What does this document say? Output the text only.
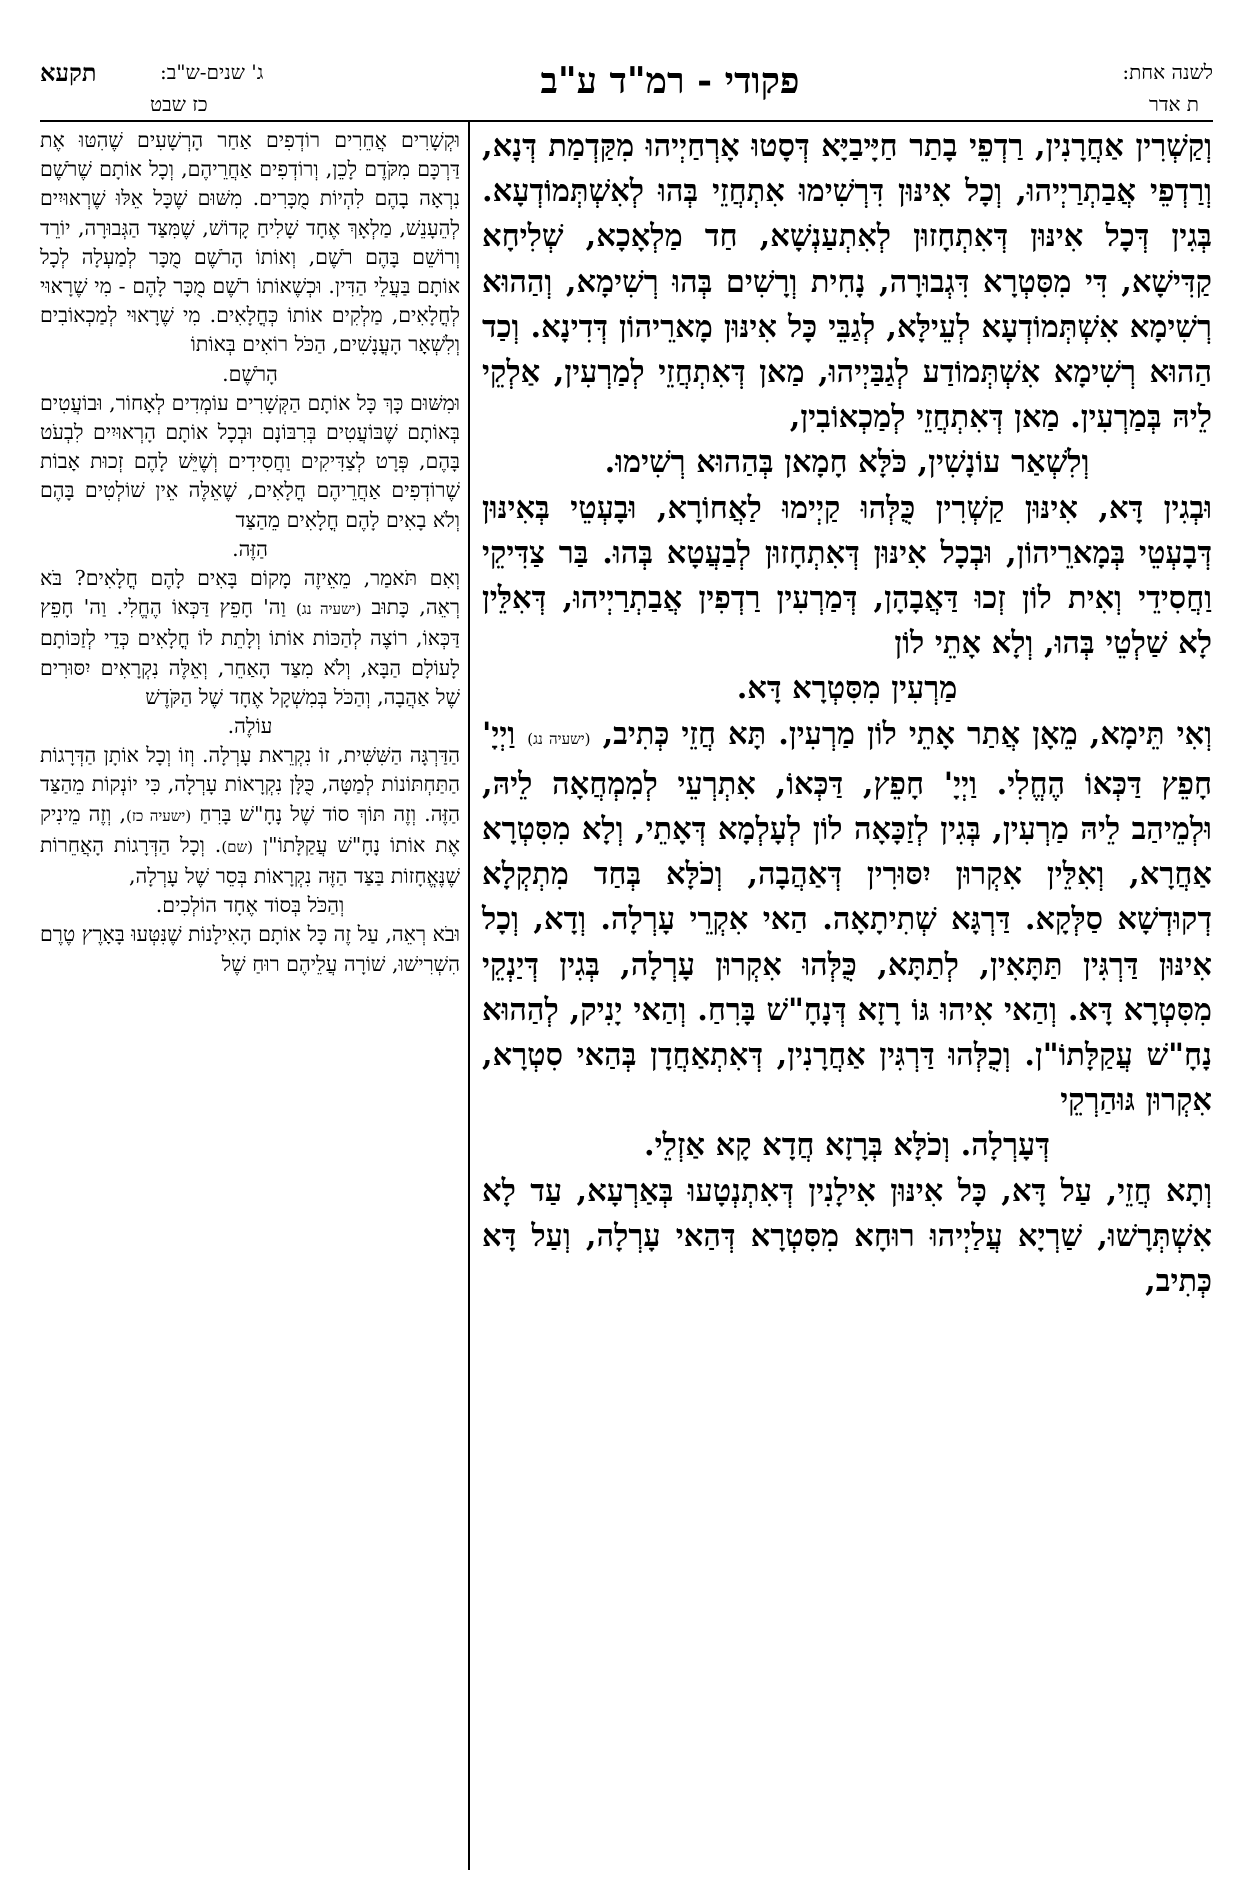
תקעא	ג' שנים-ש"ב:
כז שבט
פקודי - רמ"ד ע"ב	לשנה אחת:
ת אדר

וְקַשְׁרִין אַחֲרָנִין, רַדְפֵי בָתַר חַיָּיבַיָּא דְּסָטוּ אָרְחַיְיהוּ מִקַּדְמַת דְּנָא, וְרַדְפֵי אֲבַתְרַיְיהוּ, וְכָל אִינּוּן דִּרְשִׁימוּ אִתְחֲזֵי בְּהוּ לְאִשְׁתְּמוֹדְעָא. בְּגִין דְּכָל אִינּוּן דְּאִתְחָזוּן לְאִתְעַנְשָׁא, חַד מַלְאָכָא, שְׁלִיחָא קַדִּישָׁא, דִּי מִסִּטְרָא דִּגְבוּרָה, נָחִית וְרָשִׁים בְּהוּ רְשִׁימָא, וְהַהוּא רְשִׁימָא אִשְׁתְּמוֹדְעָא לְעֵילָּא, לְגַבֵּי כָּל אִינּוּן מָארֵיהוֹן דְּדִינָא. וְכַד הַהוּא רְשִׁימָא אִשְׁתְּמוֹדַע לְגַבַּיְיהוּ, מַאן דְּאִתְחֲזֵי לְמַרְעִין, אַלְקֵי לֵיהּ בְּמַרְעִין. מַאן דְּאִתְחֲזֵי לְמַכְאוֹבִין,

וְלִשְׁאַר עוֹנָשִׁין, כֹּלָּא חָמָאן בְּהַהוּא רְשִׁימוּ.

וּבְגִין דָּא, אִינּוּן קַשְׁרִין כֻּלְּהוּ קַיְימוּ לַאֲחוֹרָא, וּבָעְטֵי בְּאִינּוּן דְּבָעְטֵי בְּמָארֵיהוֹן, וּבְכָל אִינּוּן דְּאִתְחָזוּן לְבַעֲטָא בְּהוּ. בַּר צַדִּיקֵי וַחֲסִידֵי וְאִית לוֹן זְכוּ דַּאֲבָהָן, דְּמַרְעִין רַדְפִין אֲבַתְרַיְיהוּ, דְּאִלֵּין לָא שַׁלְטֵי בְּהוּ, וְלָא אָתֵי לוֹן

מַרְעִין מִסִּטְרָא דָּא.

וְאִי תֵּימָא, מֵאָן אֲתַר אָתֵי לוֹן מַרְעִין. תָּא חֲזֵי כְּתִיב, (ישעיה נג) וַיְיָ' חָפֵץ דַּכְּאוֹ הֶחֱלִי. וַיְיָ' חָפֵץ, דַּכְּאוֹ, אִתְרְעֵי לְמִמְחֲאָה לֵיהּ, וּלְמֵיהַב לֵיהּ מַרְעִין, בְּגִין לְזַכָּאָה לוֹן לְעָלְמָא דְּאָתֵי, וְלָא מִסִּטְרָא אַחֲרָא, וְאִלֵּין אִקְרוּן יִסּוּרִין דְּאַהֲבָה, וְכֹלָּא בְּחַד מִתְקְלָא דְקוּדְשָׁא סַלְּקָא. דַּרְגָּא שְׁתִיתָאָה. הַאי אִקְרֵי עָרְלָה. וְדָא, וְכָל אִינּוּן דַּרְגִּין תַּתָּאִין, לְתַתָּא, כֻּלְּהוּ אִקְרוּן עָרְלָה, בְּגִין דְּיַנְקֵי מִסִּטְרָא דָּא. וְהַאי אִיהוּ גּוֹ רָזָא דְּנָחָ"שׁ בָּרִחַ. וְהַאי יָנִיק, לְהַהוּא נָחָ"שׁ עֲקַלָּתוֹ"ן. וְכֻלְּהוּ דַּרְגִּין אַחֲרָנִין, דְּאִתְאַחֲדָן בְּהַאי סִטְרָא, אִקְרוּן גּוּהַרְקֵי

דְּעָרְלָה. וְכֹלָּא בְּרָזָא חֲדָא קָא אַזְלֵי.

וְתָא חֲזֵי, עַל דָּא, כָּל אִינּוּן אִילָנִין דְּאִתְנְטָעוּ בְּאַרְעָא, עַד לָא אִשְׁתְּרָשׁוּ, שַׁרְיָא עֲלַיְיהוּ רוּחָא מִסִּטְרָא דְּהַאי עָרְלָה, וְעַל דָּא כְּתִיב,

וּקְשָׁרִים אֲחֵרִים רוֹדְפִים אַחַר הָרְשָׁעִים שֶׁהִטּוּ אֶת דַּרְכָּם מִקֹּדֶם לָכֵן, וְרוֹדְפִים אַחֲרֵיהֶם, וְכָל אוֹתָם שֶׁרֹשֶׁם נִרְאָה בָהֶם לִהְיוֹת מֻכָּרִים. מִשּׁוּם שֶׁכָּל אֵלּוּ שֶׁרְאוּיִים לְהֵעָנֵשׁ, מַלְאָךְ אֶחָד שָׁלִיחַ קָדוֹשׁ, שֶׁמִּצַּד הַגְּבוּרָה, יוֹרֵד וְרוֹשֵׁם בָּהֶם רֹשֶׁם, וְאוֹתוֹ הָרֹשֶׁם מֻכָּר לְמַעְלָה לְכָל אוֹתָם בַּעֲלֵי הַדִּין. וּכְשֶׁאוֹתוֹ רֹשֶׁם מֻכָּר לָהֶם - מִי שֶׁרָאוּי לְחֳלָאִים, מַלְקִים אוֹתוֹ כְּחֳלָאִים. מִי שֶׁרָאוּי לְמַכְאוֹבִים וְלִשְׁאָר הָעֳנָשִׁים, הַכֹּל רוֹאִים בְּאוֹתוֹ

הָרֹשֶׁם.

וּמִשּׁוּם כָּךְ כָּל אוֹתָם הַקְּשָׁרִים עוֹמְדִים לְאָחוֹר, וּבוֹעֲטִים בְּאוֹתָם שֶׁבּוֹעֲטִים בְּרִבּוֹנָם וּבְכָל אוֹתָם הָרְאוּיִים לִבְעֹט בָּהֶם, פְּרָט לְצַדִּיקִים וַחֲסִידִים וְשֶׁיֵּשׁ לָהֶם זְכוּת אָבוֹת שֶׁרוֹדְפִים אַחֲרֵיהֶם חֳלָאִים, שֶׁאֵלֶּה אֵין שׁוֹלְטִים בָּהֶם וְלֹא בָאִים לָהֶם חֳלָאִים מֵהַצַּד

הַזֶּה.

וְאִם תֹּאמַר, מֵאֵיזֶה מָקוֹם בָּאִים לָהֶם חֳלָאִים? בֹּא רְאֵה, כָּתוּב (ישעיה נג) וַה' חָפֵץ דַּכְּאוֹ הֶחֱלִי. וַה' חָפֵץ דַּכְּאוֹ, רוֹצֶה לְהַכּוֹת אוֹתוֹ וְלָתֵת לוֹ חֳלָאִים כְּדֵי לְזַכּוֹתָם לָעוֹלָם הַבָּא, וְלֹא מִצַּד הָאַחֵר, וְאֵלֶּה נִקְרָאִים יִסּוּרִים שֶׁל אַהֲבָה, וְהַכֹּל בְּמִשְׁקָל אֶחָד שֶׁל הַקֹּדֶשׁ

עוֹלֶה.

הַדַּרְגָּה הַשִּׁשִּׁית, זוֹ נִקְרֵאת עָרְלָה. וְזוֹ וְכָל אוֹתָן הַדְּרָגוֹת הַתַּחְתּוֹנוֹת לְמַטָּה, כֻּלָּן נִקְרָאוֹת עָרְלָה, כִּי יוֹנְקוֹת מֵהַצַּד הַזֶּה. וְזֶה תּוֹךְ סוֹד שֶׁל נָחָ"שׁ בָּרִחַ (ישעיה כז), וְזֶה מֵינִיק אֶת אוֹתוֹ נָחָ"שׁ עֲקַלָּתוֹ"ן (שם). וְכָל הַדְּרָגוֹת הָאֲחֵרוֹת שֶׁנֶּאֱחָזוֹת בַּצַּד הַזֶּה נִקְרָאוֹת בְּסֵר שֶׁל עָרְלָה,

וְהַכֹּל בְּסוֹד אֶחָד הוֹלְכִים.

וּבֹא רְאֵה, עַל זֶה כָּל אוֹתָם הָאִילָנוֹת שֶׁנִּטְּעוּ בָּאָרֶץ טֶרֶם הִשְׁרִישׁוּ, שׁוֹרָה עֲלֵיהֶם רוּחַ שֶׁל
